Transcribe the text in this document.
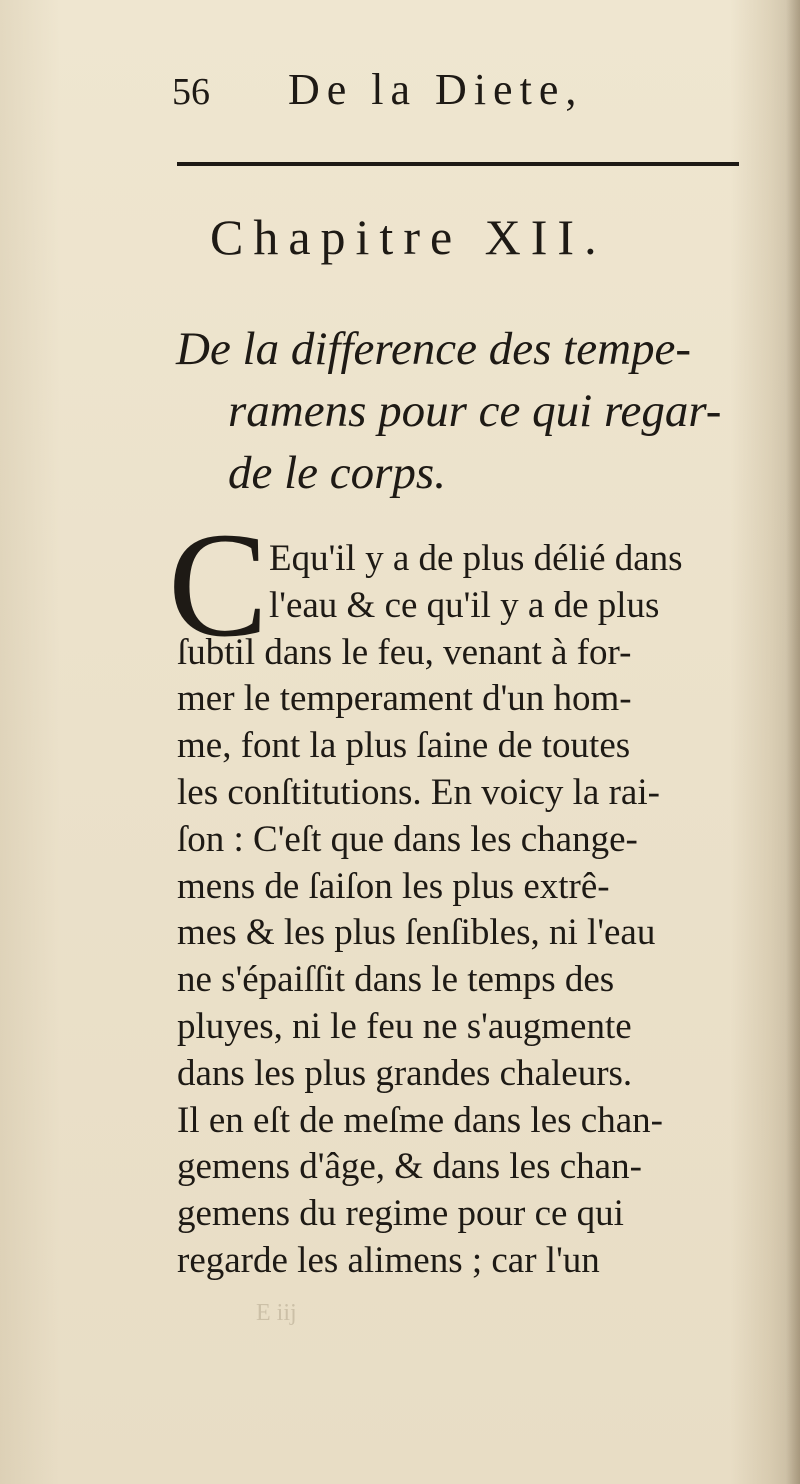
56 De la Diete,
Chapitre XII.
De la difference des tempe-
ramens pour ce qui regar-
de le corps.
C Equ'il y a de plus délié dans
l'eau & ce qu'il y a de plus
ſubtil dans le feu, venant à for-
mer le temperament d'un hom-
me, font la plus ſaine de toutes
les conſtitutions. En voicy la rai-
ſon : C'eſt que dans les change-
mens de ſaiſon les plus extrê-
mes & les plus ſenſibles, ni l'eau
ne s'épaiſſit dans le temps des
pluyes, ni le feu ne s'augmente
dans les plus grandes chaleurs.
Il en eſt de meſme dans les chan-
gemens d'âge, & dans les chan-
gemens du regime pour ce qui
regarde les alimens ; car l'un
E iij
